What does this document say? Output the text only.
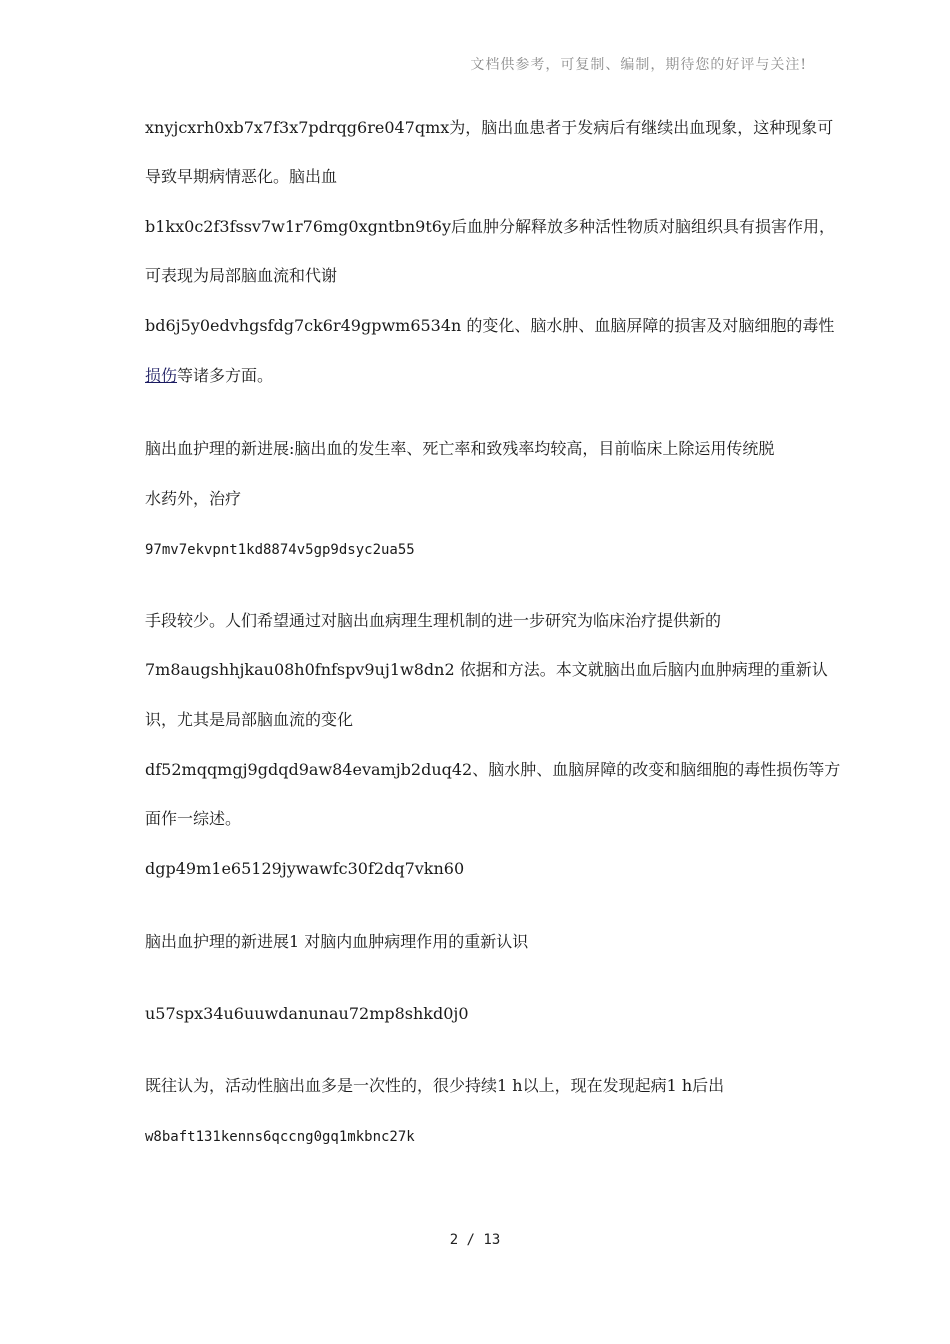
文档供参考，可复制、编制，期待您的好评与关注!
xnyjcxrh0xb7x7f3x7pdrqg6re047qmx为，脑出血患者于发病后有继续出血现象，这种现象可
导致早期病情恶化。脑出血
b1kx0c2f3fssv7w1r76mg0xgntbn9t6y后血肿分解释放多种活性物质对脑组织具有损害作用，
可表现为局部脑血流和代谢
bd6j5y0edvhgsfdg7ck6r49gpwm6534n 的变化、脑水肿、血脑屏障的损害及对脑细胞的毒性
损伤等诸多方面。
脑出血护理的新进展:脑出血的发生率、死亡率和致残率均较高，目前临床上除运用传统脱
水药外，治疗
97mv7ekvpnt1kd8874v5gp9dsyc2ua55
手段较少。人们希望通过对脑出血病理生理机制的进一步研究为临床治疗提供新的
7m8augshhjkau08h0fnfspv9uj1w8dn2 依据和方法。本文就脑出血后脑内血肿病理的重新认
识，尤其是局部脑血流的变化
df52mqqmgj9gdqd9aw84evamjb2duq42、脑水肿、血脑屏障的改变和脑细胞的毒性损伤等方
面作一综述。
dgp49m1e65129jywawfc30f2dq7vkn60
脑出血护理的新进展1 对脑内血肿病理作用的重新认识
u57spx34u6uuwdanunau72mp8shkd0j0
既往认为，活动性脑出血多是一次性的，很少持续1 h以上，现在发现起病1 h后出
w8baft131kenns6qccng0gq1mkbnc27k
2 / 13
